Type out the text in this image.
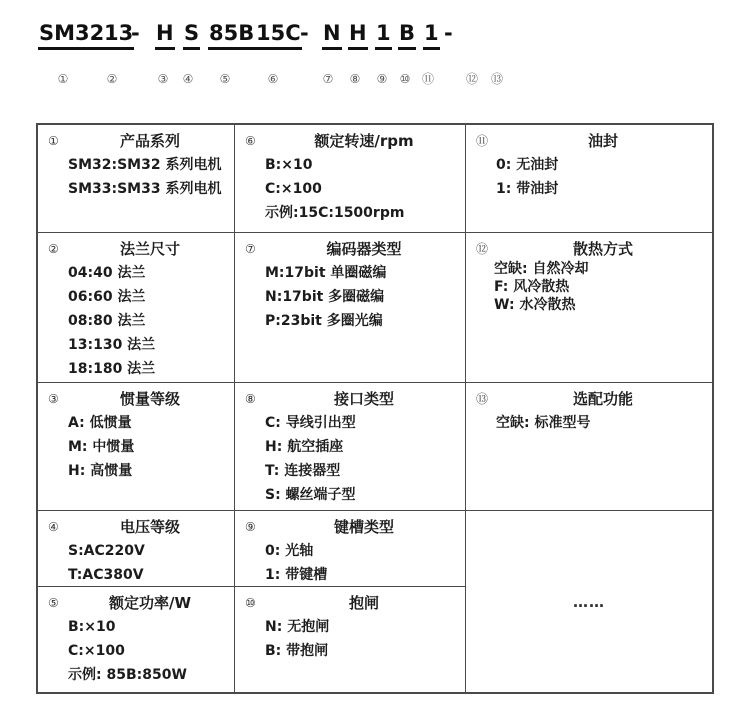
SM32 13
- H S 85B 15C - N H 1 B 1 -
①	②	③ ④ ⑤	⑥	⑦ ⑧ ⑨ ⑩ ⑪	⑫ ⑬
①	产品系列
SM32:SM32 系列电机
SM33:SM33 系列电机
⑥	额定转速/rpm
B:×10
C:×100
示例:15C:1500rpm
⑪	油封
0: 无油封
1: 带油封
②	法兰尺寸
04:40 法兰
06:60 法兰
08:80 法兰
13:130 法兰
18:180 法兰
⑦	编码器类型
M:17bit 单圈磁编
N:17bit 多圈磁编
P:23bit 多圈光编
⑫	散热方式
空缺: 自然冷却
F: 风冷散热
W: 水冷散热
③	惯量等级
A: 低惯量
M: 中惯量
H: 高惯量
⑧	接口类型
C: 导线引出型
H: 航空插座
T: 连接器型
S: 螺丝端子型
⑬	选配功能
空缺: 标准型号
④	电压等级
S:AC220V
T:AC380V
⑨	键槽类型
0: 光轴
1: 带键槽
……
⑤	额定功率/W
B:×10
C:×100
示例: 85B:850W
⑩	抱闸
N: 无抱闸
B: 带抱闸
